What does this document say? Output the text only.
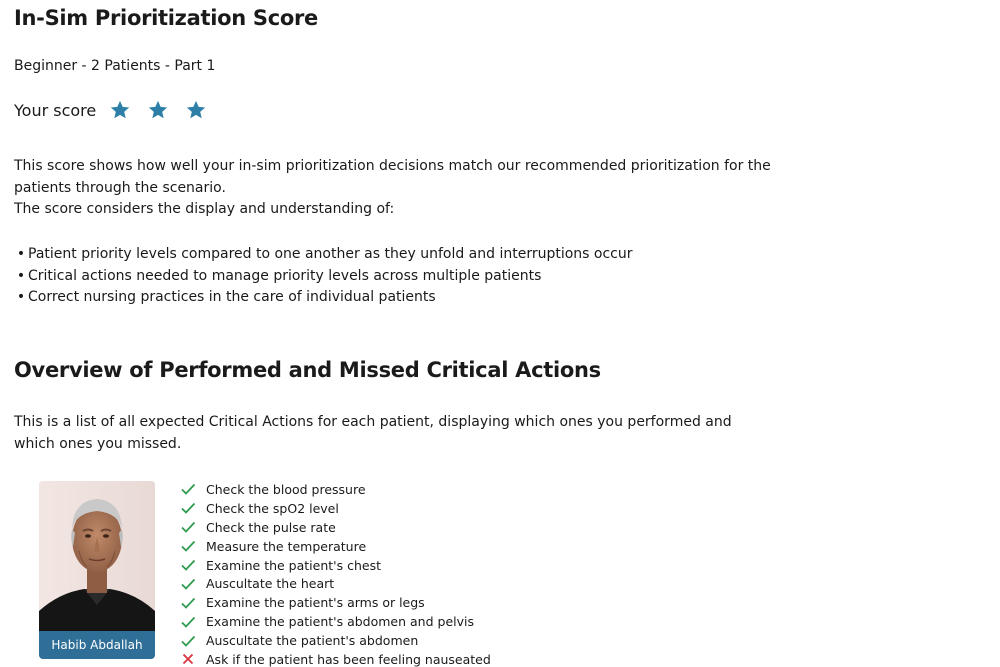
In-Sim Prioritization Score

Beginner - 2 Patients - Part 1

Your score
This score shows how well your in-sim prioritization decisions match our recommended prioritization for the patients through the scenario.
The score considers the display and understanding of:
• Patient priority levels compared to one another as they unfold and interruptions occur
• Critical actions needed to manage priority levels across multiple patients
• Correct nursing practices in the care of individual patients
Overview of Performed and Missed Critical Actions

This is a list of all expected Critical Actions for each patient, displaying which ones you performed and which ones you missed.

Habib Abdallah
Check the blood pressure
Check the spO2 level
Check the pulse rate
Measure the temperature
Examine the patient's chest
Auscultate the heart
Examine the patient's arms or legs
Examine the patient's abdomen and pelvis
Auscultate the patient's abdomen
Ask if the patient has been feeling nauseated
